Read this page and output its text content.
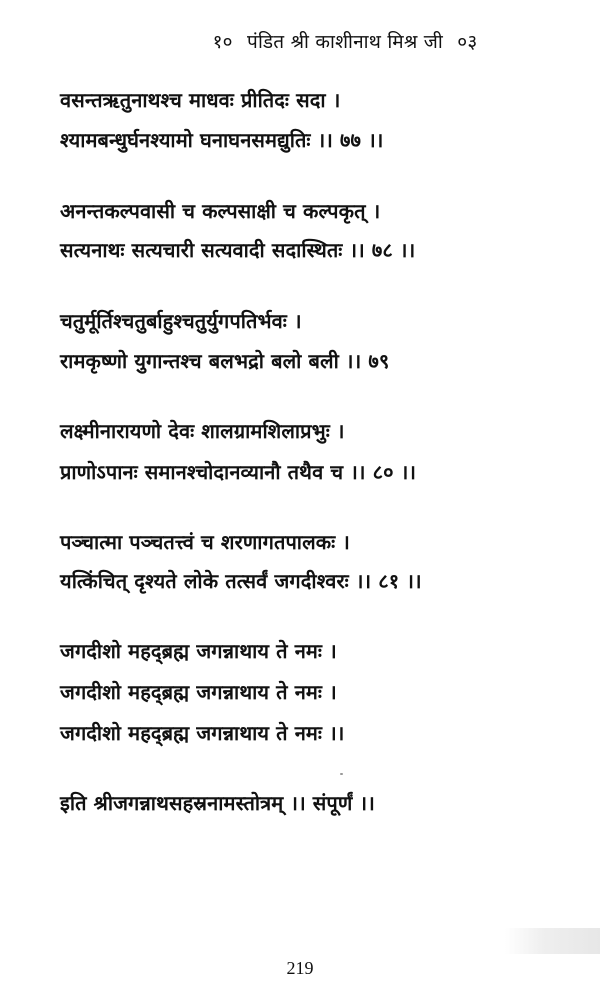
१० पंडित श्री काशीनाथ मिश्र जी ०३
वसन्तऋतुनाथश्च माधवः प्रीतिदः सदा ।
श्यामबन्धुर्घनश्यामो घनाघनसमद्युतिः ।। ७७ ।।
अनन्तकल्पवासी च कल्पसाक्षी च कल्पकृत् ।
सत्यनाथः सत्यचारी सत्यवादी सदास्थितः ।। ७८ ।।
चतुर्मूर्तिश्चतुर्बाहुश्चतुर्युगपतिर्भवः ।
रामकृष्णो युगान्तश्च बलभद्रो बलो बली ।। ७९
लक्ष्मीनारायणो देवः शालग्रामशिलाप्रभुः ।
प्राणोऽपानः समानश्चोदानव्यानौ तथैव च ।। ८० ।।
पञ्चात्मा पञ्चतत्त्वं च शरणागतपालकः ।
यत्किंचित् दृश्यते लोके तत्सर्वं जगदीश्वरः ।। ८१ ।।
जगदीशो महद्ब्रह्म जगन्नाथाय ते नमः ।
जगदीशो महद्ब्रह्म जगन्नाथाय ते नमः ।
जगदीशो महद्ब्रह्म जगन्नाथाय ते नमः ।।
इति श्रीजगन्नाथसहस्रनामस्तोत्रम् ।। संपूर्णं ।।
219
